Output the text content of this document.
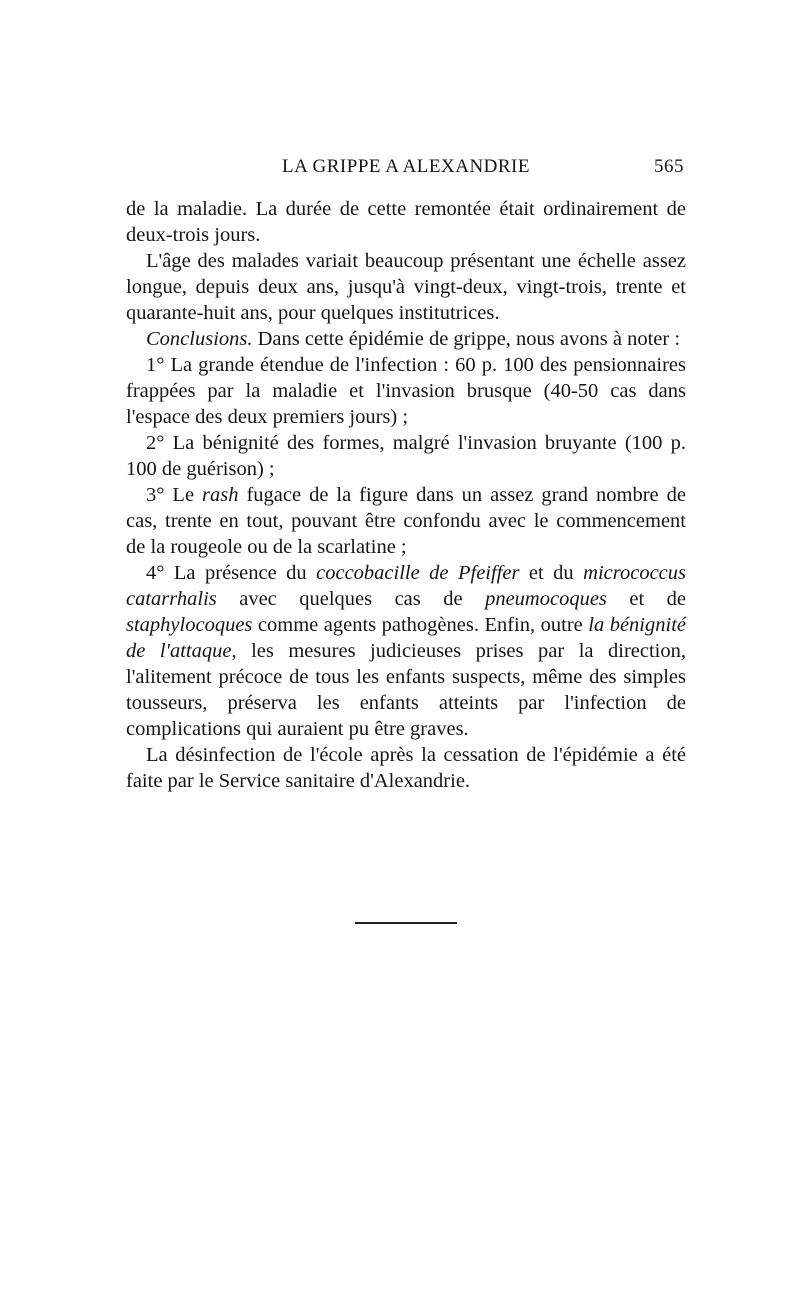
LA GRIPPE A ALEXANDRIE	565

de la maladie. La durée de cette remontée était ordinairement de deux-trois jours.

L'âge des malades variait beaucoup présentant une échelle assez longue, depuis deux ans, jusqu'à vingt-deux, vingt-trois, trente et quarante-huit ans, pour quelques institutrices.

Conclusions. Dans cette épidémie de grippe, nous avons à noter :

1° La grande étendue de l'infection : 60 p. 100 des pensionnaires frappées par la maladie et l'invasion brusque (40-50 cas dans l'espace des deux premiers jours) ;

2° La bénignité des formes, malgré l'invasion bruyante (100 p. 100 de guérison) ;

3° Le rash fugace de la figure dans un assez grand nombre de cas, trente en tout, pouvant être confondu avec le commencement de la rougeole ou de la scarlatine ;

4° La présence du coccobacille de Pfeiffer et du micrococcus catarrhalis avec quelques cas de pneumocoques et de staphylocoques comme agents pathogènes. Enfin, outre la bénignité de l'attaque, les mesures judicieuses prises par la direction, l'alitement précoce de tous les enfants suspects, même des simples tousseurs, préserva les enfants atteints par l'infection de complications qui auraient pu être graves.

La désinfection de l'école après la cessation de l'épidémie a été faite par le Service sanitaire d'Alexandrie.
